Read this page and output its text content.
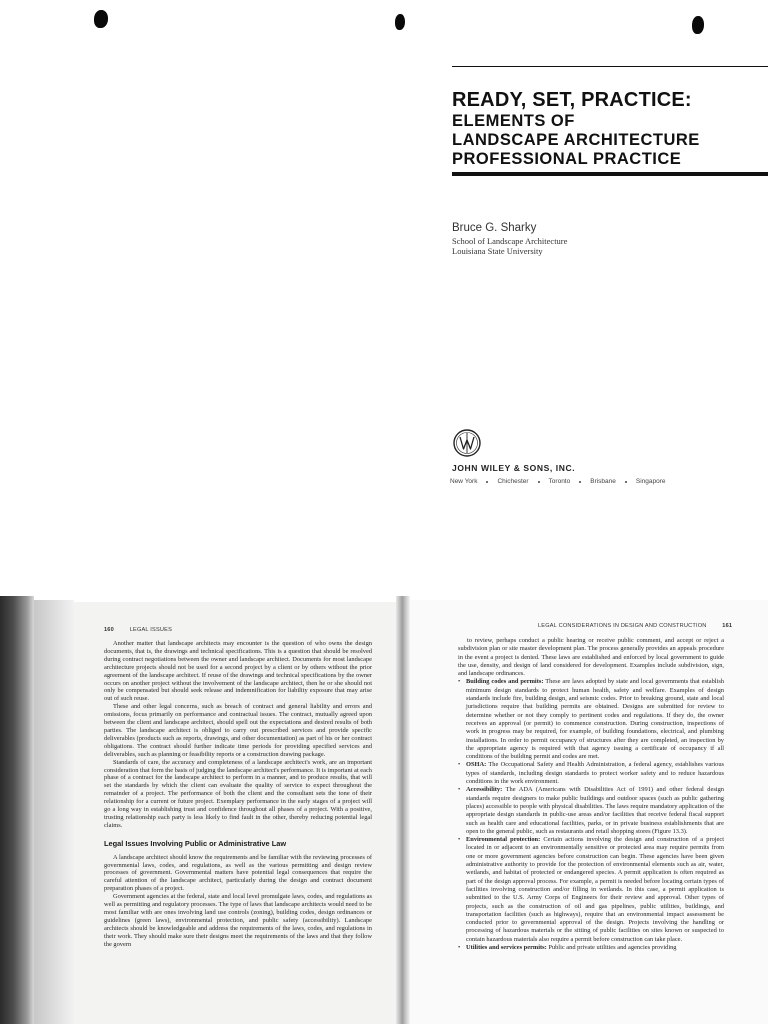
READY, SET, PRACTICE:
ELEMENTS OF
LANDSCAPE ARCHITECTURE
PROFESSIONAL PRACTICE
Bruce G. Sharky
School of Landscape Architecture
Louisiana State University
JOHN WILEY & SONS, INC.
New York	Chichester	Toronto	Brisbane	Singapore
160	LEGAL ISSUES

Another matter that landscape architects may encounter is the question of who owns the design documents, that is, the drawings and technical specifications. This is a question that should be resolved during contract negotiations between the owner and landscape architect. Documents for most landscape architecture projects should not be used for a second project by a client or by others without the prior agreement of the landscape architect. If reuse of the drawings and technical specifications by the owner occurs on another project without the involvement of the landscape architect, then he or she should not only be compensated but should seek release and indemnification for liability exposure that may arise out of such reuse.

These and other legal concerns, such as breach of contract and general liability and errors and omissions, focus primarily on performance and contractual issues. The contract, mutually agreed upon between the client and landscape architect, should spell out the expectations and desired results of both parties. The landscape architect is obliged to carry out prescribed services and provide specific deliverables (products such as reports, drawings, and other documentation) as part of his or her contract obligations. The contract should further indicate time periods for providing specified services and deliverables, such as planning or feasibility reports or a construction drawing package.

Standards of care, the accuracy and completeness of a landscape architect's work, are an important consideration that form the basis of judging the landscape architect's performance. It is important at each phase of a contract for the landscape architect to perform in a manner, and to produce results, that will set the standards by which the client can evaluate the quality of service to expect throughout the remainder of a project. The performance of both the client and the consultant sets the tone of their relationship for a current or future project. Exemplary performance in the early stages of a project will go a long way in establishing trust and confidence throughout all phases of a project. With a positive, trusting relationship each party is less likely to find fault in the other, thereby reducing potential legal claims.

Legal Issues Involving Public or Administrative Law

A landscape architect should know the requirements and be familiar with the reviewing processes of governmental laws, codes, and regulations, as well as the various permitting and design review processes of government. Governmental matters have potential legal consequences that require the careful attention of the landscape architect, particularly during the design and contract document preparation phases of a project.

Government agencies at the federal, state and local level promulgate laws, codes, and regulations as well as permitting and regulatory processes. The type of laws that landscape architects would need to be most familiar with are ones involving land use controls (zoning), building codes, design ordinances or guidelines (green laws), environmental protection, and public safety (accessibility). Landscape architects should be knowledgeable and address the requirements of the laws, codes, and regulations in their work. They should make sure their designs meet the requirements of the laws and that they follow the govern

LEGAL CONSIDERATIONS IN DESIGN AND CONSTRUCTION	161

to review, perhaps conduct a public hearing or receive public comment, and accept or reject a subdivision plan or site master development plan. The process generally provides an appeals procedure in the event a project is denied. These laws are established and enforced by local government to guide the use, density, and design of land considered for development. Examples include subdivision, sign, and landscape ordinances.

• Building codes and permits: These are laws adopted by state and local governments that establish minimum design standards to protect human health, safety and welfare. Examples of design standards include fire, building design, and seismic codes. Prior to breaking ground, state and local jurisdictions require that building permits are obtained. Designs are submitted for review to determine whether or not they comply to pertinent codes and regulations. If they do, the owner receives an approval (or permit) to commence construction. During construction, inspections of work in progress may be required, for example, of building foundations, electrical, and plumbing installations. In order to permit occupancy of structures after they are completed, an inspection by the appropriate agency is required with that agency issuing a certificate of occupancy if all conditions of the building permit and codes are met.
• OSHA: The Occupational Safety and Health Administration, a federal agency, establishes various types of standards, including design standards to protect worker safety and to reduce hazardous conditions in the work environment.
• Accessibility: The ADA (Americans with Disabilities Act of 1991) and other federal design standards require designers to make public buildings and outdoor spaces (such as public gathering places) accessible to people with physical disabilities. The laws require mandatory application of the appropriate design standards in public-use areas and/or facilities that receive federal fiscal support such as health care and educational facilities, parks, or in private business establishments that are open to the general public, such as restaurants and retail shopping stores (Figure 13.3).
• Environmental protection: Certain actions involving the design and construction of a project located in or adjacent to an environmentally sensitive or protected area may require permits from one or more government agencies before construction can begin. These agencies have been given administrative authority to provide for the protection of environmental elements such as air, water, wetlands, and habitat of protected or endangered species. A permit application is often required as part of the design approval process. For example, a permit is needed before locating certain types of facilities involving construction and/or filling in wetlands. In this case, a permit application is submitted to the U.S. Army Corps of Engineers for their review and approval. Other types of projects, such as the construction of oil and gas pipelines, public utilities, buildings, and transportation facilities (such as highways), require that an environmental impact assessment be conducted prior to governmental approval of the design. Projects involving the handling or processing of hazardous materials or the sitting of public facilities on sites known or suspected to contain hazardous materials also require a permit before construction can take place.
• Utilities and services permits: Public and private utilities and agencies providing
